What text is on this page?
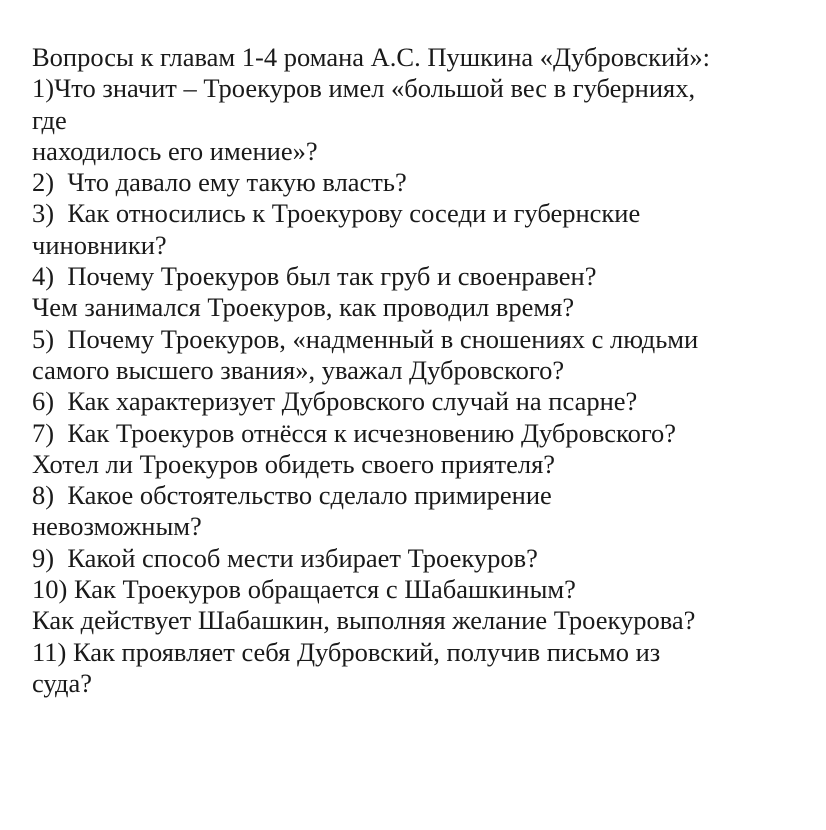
Вопросы к главам 1-4 романа А.С. Пушкина «Дубровский»:
1)Что значит – Троекуров имел «большой вес в губерниях,
где
находилось его имение»?
2)  Что давало ему такую власть?
3)  Как относились к Троекурову соседи и губернские
чиновники?
4)  Почему Троекуров был так груб и своенравен?
Чем занимался Троекуров, как проводил время?
5)  Почему Троекуров, «надменный в сношениях с людьми
самого высшего звания», уважал Дубровского?
6)  Как характеризует Дубровского случай на псарне?
7)  Как Троекуров отнёсся к исчезновению Дубровского?
Хотел ли Троекуров обидеть своего приятеля?
8)  Какое обстоятельство сделало примирение
невозможным?
9)  Какой способ мести избирает Троекуров?
10) Как Троекуров обращается с Шабашкиным?
Как действует Шабашкин, выполняя желание Троекурова?
11) Как проявляет себя Дубровский, получив письмо из
суда?
